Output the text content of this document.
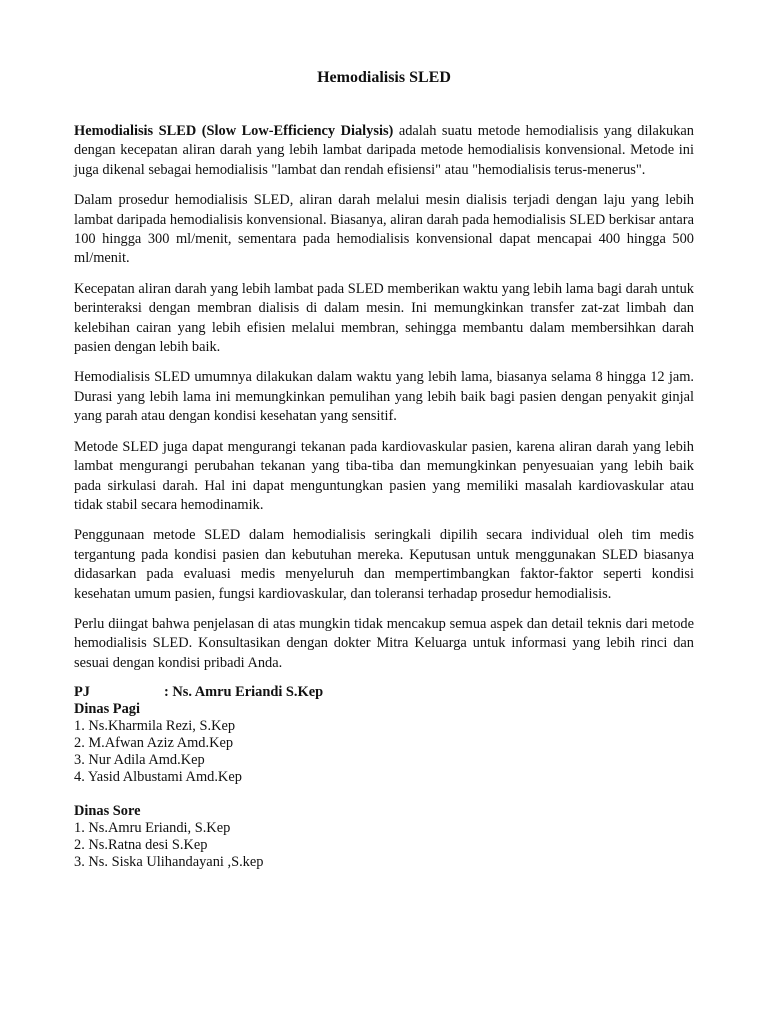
Hemodialisis SLED
Hemodialisis SLED (Slow Low-Efficiency Dialysis) adalah suatu metode hemodialisis yang dilakukan dengan kecepatan aliran darah yang lebih lambat daripada metode hemodialisis konvensional. Metode ini juga dikenal sebagai hemodialisis "lambat dan rendah efisiensi" atau "hemodialisis terus-menerus".
Dalam prosedur hemodialisis SLED, aliran darah melalui mesin dialisis terjadi dengan laju yang lebih lambat daripada hemodialisis konvensional. Biasanya, aliran darah pada hemodialisis SLED berkisar antara 100 hingga 300 ml/menit, sementara pada hemodialisis konvensional dapat mencapai 400 hingga 500 ml/menit.
Kecepatan aliran darah yang lebih lambat pada SLED memberikan waktu yang lebih lama bagi darah untuk berinteraksi dengan membran dialisis di dalam mesin. Ini memungkinkan transfer zat-zat limbah dan kelebihan cairan yang lebih efisien melalui membran, sehingga membantu dalam membersihkan darah pasien dengan lebih baik.
Hemodialisis SLED umumnya dilakukan dalam waktu yang lebih lama, biasanya selama 8 hingga 12 jam. Durasi yang lebih lama ini memungkinkan pemulihan yang lebih baik bagi pasien dengan penyakit ginjal yang parah atau dengan kondisi kesehatan yang sensitif.
Metode SLED juga dapat mengurangi tekanan pada kardiovaskular pasien, karena aliran darah yang lebih lambat mengurangi perubahan tekanan yang tiba-tiba dan memungkinkan penyesuaian yang lebih baik pada sirkulasi darah. Hal ini dapat menguntungkan pasien yang memiliki masalah kardiovaskular atau tidak stabil secara hemodinamik.
Penggunaan metode SLED dalam hemodialisis seringkali dipilih secara individual oleh tim medis tergantung pada kondisi pasien dan kebutuhan mereka. Keputusan untuk menggunakan SLED biasanya didasarkan pada evaluasi medis menyeluruh dan mempertimbangkan faktor-faktor seperti kondisi kesehatan umum pasien, fungsi kardiovaskular, dan toleransi terhadap prosedur hemodialisis.
Perlu diingat bahwa penjelasan di atas mungkin tidak mencakup semua aspek dan detail teknis dari metode hemodialisis SLED. Konsultasikan dengan dokter Mitra Keluarga untuk informasi yang lebih rinci dan sesuai dengan kondisi pribadi Anda.
PJ	: Ns. Amru Eriandi S.Kep
Dinas Pagi
1. Ns.Kharmila Rezi, S.Kep
2. M.Afwan Aziz Amd.Kep
3. Nur Adila Amd.Kep
4. Yasid Albustami Amd.Kep
Dinas Sore
1. Ns.Amru Eriandi, S.Kep
2. Ns.Ratna desi S.Kep
3. Ns. Siska Ulihandayani ,S.kep
